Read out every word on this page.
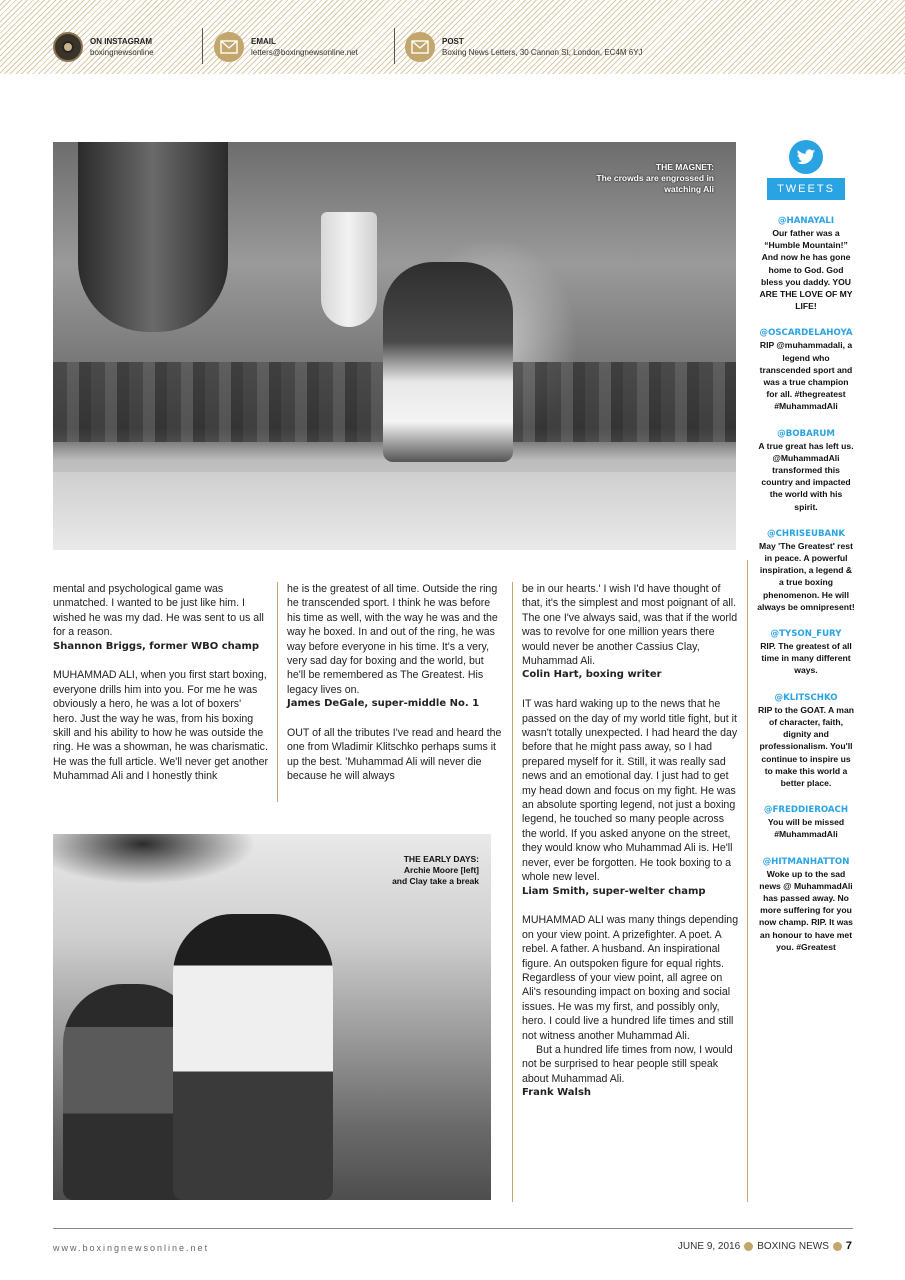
ON INSTAGRAM
boxingnewsonline
EMAIL
letters@boxingnewsonline.net
POST
Boxing News Letters, 30 Cannon St, London, EC4M 6YJ
THE MAGNET:
The crowds are engrossed in watching Ali

mental and psychological game was unmatched. I wanted to be just like him. I wished he was my dad. He was sent to us all for a reason.

Shannon Briggs, former WBO champ

MUHAMMAD ALI, when you first start boxing, everyone drills him into you. For me he was obviously a hero, he was a lot of boxers' hero. Just the way he was, from his boxing skill and his ability to how he was outside the ring. He was a showman, he was charismatic. He was the full article. We'll never get another Muhammad Ali and I honestly think

he is the greatest of all time. Outside the ring he transcended sport. I think he was before his time as well, with the way he was and the way he boxed. In and out of the ring, he was way before everyone in his time. It's a very, very sad day for boxing and the world, but he'll be remembered as The Greatest. His legacy lives on.

James DeGale, super-middle No. 1

OUT of all the tributes I've read and heard the one from Wladimir Klitschko perhaps sums it up the best. 'Muhammad Ali will never die because he will always

be in our hearts.' I wish I'd have thought of that, it's the simplest and most poignant of all. The one I've always said, was that if the world was to revolve for one million years there would never be another Cassius Clay, Muhammad Ali.

Colin Hart, boxing writer

IT was hard waking up to the news that he passed on the day of my world title fight, but it wasn't totally unexpected. I had heard the day before that he might pass away, so I had prepared myself for it. Still, it was really sad news and an emotional day. I just had to get my head down and focus on my fight. He was an absolute sporting legend, not just a boxing legend, he touched so many people across the world. If you asked anyone on the street, they would know who Muhammad Ali is. He'll never, ever be forgotten. He took boxing to a whole new level.

Liam Smith, super-welter champ

MUHAMMAD ALI was many things depending on your view point. A prizefighter. A poet. A rebel. A father. A husband. An inspirational figure. An outspoken figure for equal rights. Regardless of your view point, all agree on Ali's resounding impact on boxing and social issues. He was my first, and possibly only, hero. I could live a hundred life times and still not witness another Muhammad Ali.

But a hundred life times from now, I would not be surprised to hear people still speak about Muhammad Ali.

Frank Walsh

THE EARLY DAYS:
Archie Moore [left] and Clay take a break
TWEETS
@HANAYALI
Our father was a “Humble Mountain!” And now he has gone home to God. God bless you daddy. YOU ARE THE LOVE OF MY LIFE!
@OSCARDELAHOYA
RIP @muhammadali, a legend who transcended sport and was a true champion for all. #thegreatest #MuhammadAli
@BOBARUM
A true great has left us. @MuhammadAli transformed this country and impacted the world with his spirit.
@CHRISEUBANK
May 'The Greatest' rest in peace. A powerful inspiration, a legend & a true boxing phenomenon. He will always be omnipresent!
@TYSON_FURY
RIP. The greatest of all time in many different ways.
@KLITSCHKO
RIP to the GOAT. A man of character, faith, dignity and professionalism. You'll continue to inspire us to make this world a better place.
@FREDDIEROACH
You will be missed #MuhammadAli
@HITMANHATTON
Woke up to the sad news @ MuhammadAli has passed away. No more suffering for you now champ. RIP. It was an honour to have met you. #Greatest
www.boxingnewsonline.net	JUNE 9, 2016 BOXING NEWS 7
